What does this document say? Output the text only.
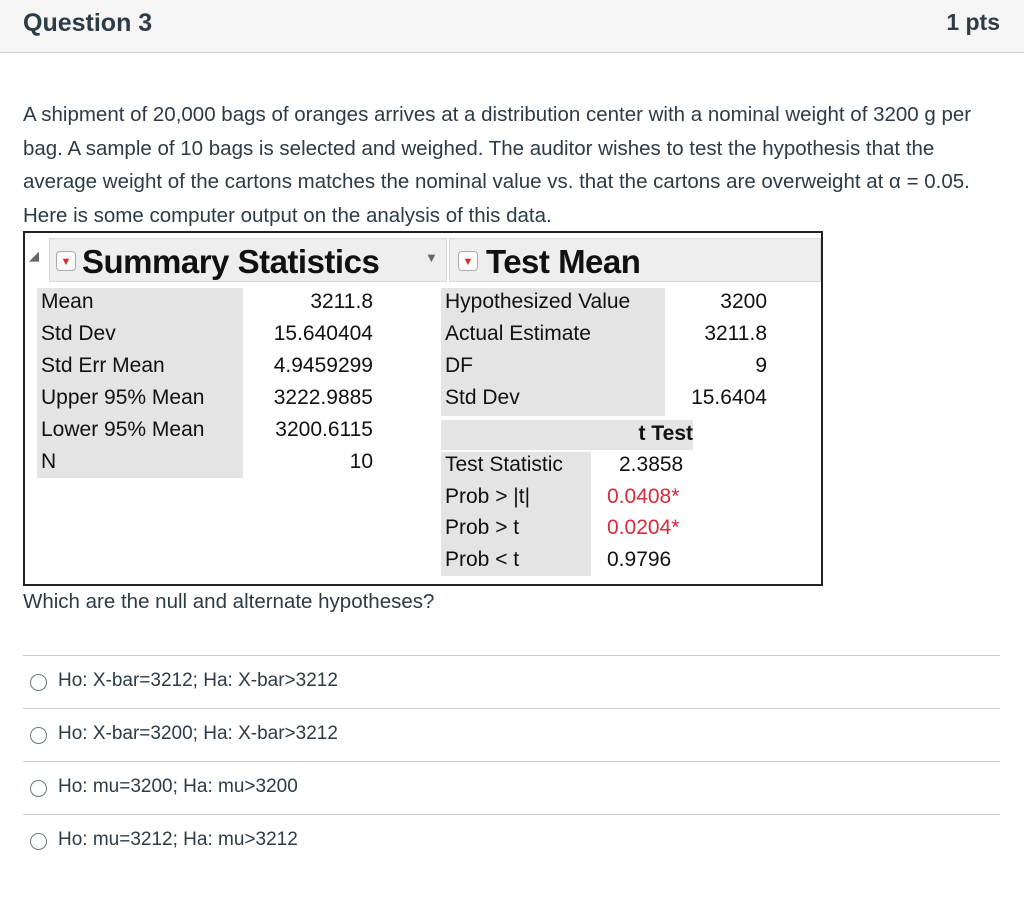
Question 3	1 pts

A shipment of 20,000 bags of oranges arrives at a distribution center with a nominal weight of 3200 g per bag. A sample of 10 bags is selected and weighed. The auditor wishes to test the hypothesis that the average weight of the cartons matches the nominal value vs. that the cartons are overweight at α = 0.05. Here is some computer output on the analysis of this data.

◢	▼ Summary Statistics	▼	▼ Test Mean
Mean	3211.8
Std Dev	15.640404
Std Err Mean	4.9459299
Upper 95% Mean	3222.9885
Lower 95% Mean	3200.6115
N	10
Hypothesized Value	3200
Actual Estimate	3211.8
DF	9
Std Dev	15.6404
t Test
Test Statistic	2.3858
Prob > |t|	0.0408*
Prob > t	0.0204*
Prob < t	0.9796
Which are the null and alternate hypotheses?
Ho: X-bar=3212; Ha: X-bar>3212
Ho: X-bar=3200; Ha: X-bar>3212
Ho: mu=3200; Ha: mu>3200
Ho: mu=3212; Ha: mu>3212
